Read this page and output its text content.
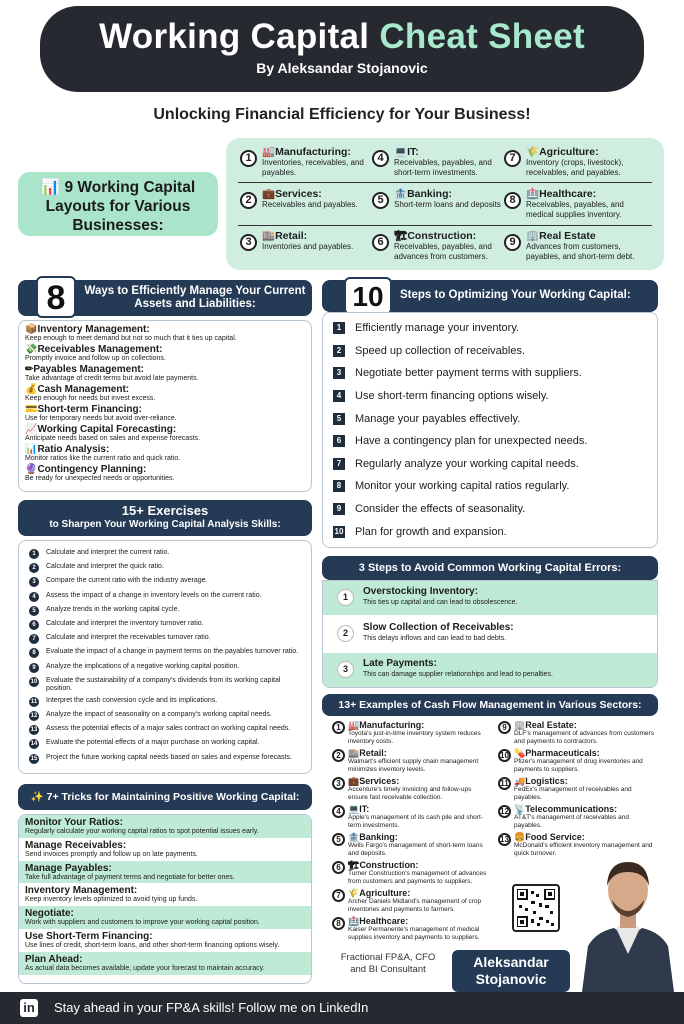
Working Capital Cheat Sheet
By Aleksandar Stojanovic
Unlocking Financial Efficiency for Your Business!
1 🏭Manufacturing:
Inventories, receivables, and payables.
2 💼Services:
Receivables and payables.
3 🏬Retail:
Inventories and payables.
4 💻IT:
Receivables, payables, and short-term investments.
5 🏦Banking:
Short-term loans and deposits
6 🏗Construction:
Receivables, payables, and advances from customers.
7 🌾Agriculture:
Inventory (crops, livestock), receivables, and payables.
8 🏥Healthcare:
Receivables, payables, and medical supplies inventory.
9 🏢Real Estate
Advances from customers, payables, and short-term debt.
📊 9 Working Capital Layouts for Various Businesses:
8	Ways to Efficiently Manage Your Current Assets and Liabilities:
📦Inventory Management:
Keep enough to meet demand but not so much that it ties up capital.
💸Receivables Management:
Promptly invoice and follow up on collections.
✏Payables Management:
Take advantage of credit terms but avoid late payments.
💰Cash Management:
Keep enough for needs but invest excess.
💳Short-term Financing:
Use for temporary needs but avoid over-reliance.
📈Working Capital Forecasting:
Anticipate needs based on sales and expense forecasts.
📊Ratio Analysis:
Monitor ratios like the current ratio and quick ratio.
🔮Contingency Planning:
Be ready for unexpected needs or opportunities.
15+ Exercises
to Sharpen Your Working Capital Analysis Skills:
1	Calculate and interpret the current ratio.
2	Calculate and interpret the quick ratio.
3	Compare the current ratio with the industry average.
4	Assess the impact of a change in inventory levels on the current ratio.
5	Analyze trends in the working capital cycle.
6	Calculate and interpret the inventory turnover ratio.
7	Calculate and interpret the receivables turnover ratio.
8	Evaluate the impact of a change in payment terms on the payables turnover ratio.
9	Analyze the implications of a negative working capital position.
10 Evaluate the sustainability of a company's dividends from its working capital position.
11 Interpret the cash conversion cycle and its implications.
12 Analyze the impact of seasonality on a company's working capital needs.
13 Assess the potential effects of a major sales contract on working capital needs.
14 Evaluate the potential effects of a major purchase on working capital.
15 Project the future working capital needs based on sales and expense forecasts.
✨ 7+ Tricks for Maintaining Positive Working Capital:
Monitor Your Ratios:
Regularly calculate your working capital ratios to spot potential issues early.
Manage Receivables:
Send invoices promptly and follow up on late payments.
Manage Payables:
Take full advantage of payment terms and negotiate for better ones.
Inventory Management:
Keep inventory levels optimized to avoid tying up funds.
Negotiate:
Work with suppliers and customers to improve your working capital position.
Use Short-Term Financing:
Use lines of credit, short-term loans, and other short-term financing options wisely.
Plan Ahead:
As actual data becomes available, update your forecast to maintain accuracy.
10	Steps to Optimizing Your Working Capital:
1	Efficiently manage your inventory.
2	Speed up collection of receivables.
3	Negotiate better payment terms with suppliers.
4	Use short-term financing options wisely.
5	Manage your payables effectively.
6	Have a contingency plan for unexpected needs.
7	Regularly analyze your working capital needs.
8	Monitor your working capital ratios regularly.
9	Consider the effects of seasonality.
10 Plan for growth and expansion.
3 Steps to Avoid Common Working Capital Errors:
1	Overstocking Inventory:
This ties up capital and can lead to obsolescence.
2	Slow Collection of Receivables:
This delays inflows and can lead to bad debts.
3	Late Payments:
This can damage supplier relationships and lead to penalties.
13+ Examples of Cash Flow Management in Various Sectors:
1 🏭Manufacturing:
Toyota's just-in-time inventory system reduces inventory costs.
2 🏬Retail:
Walmart's efficient supply chain management minimizes inventory levels.
3 💼Services:
Accenture's timely invoicing and follow-ups ensure fast receivable collection.
4 💻IT:
Apple's management of its cash pile and short-term investments.
5 🏦Banking:
Wells Fargo's management of short-term loans and deposits.
6 🏗Construction:
Turner Construction's management of advances from customers and payments to suppliers.
7 🌾Agriculture:
Archer Daniels Midland's management of crop inventories and payments to farmers.
8 🏥Healthcare:
Kaiser Permanente's management of medical supplies inventory and payments to suppliers.
9 🏢Real Estate:
DLF's management of advances from customers and payments to contractors.
10 💊Pharmaceuticals:
Pfizer's management of drug inventories and payments to suppliers.
11 🚚Logistics:
FedEx's management of receivables and payables.
12 📡Telecommunications:
AT&T's management of receivables and payables.
13 🍔Food Service:
McDonald's efficient inventory management and quick turnover.
Fractional FP&A, CFO and BI Consultant	Aleksandar Stojanovic
in Stay ahead in your FP&A skills! Follow me on LinkedIn
